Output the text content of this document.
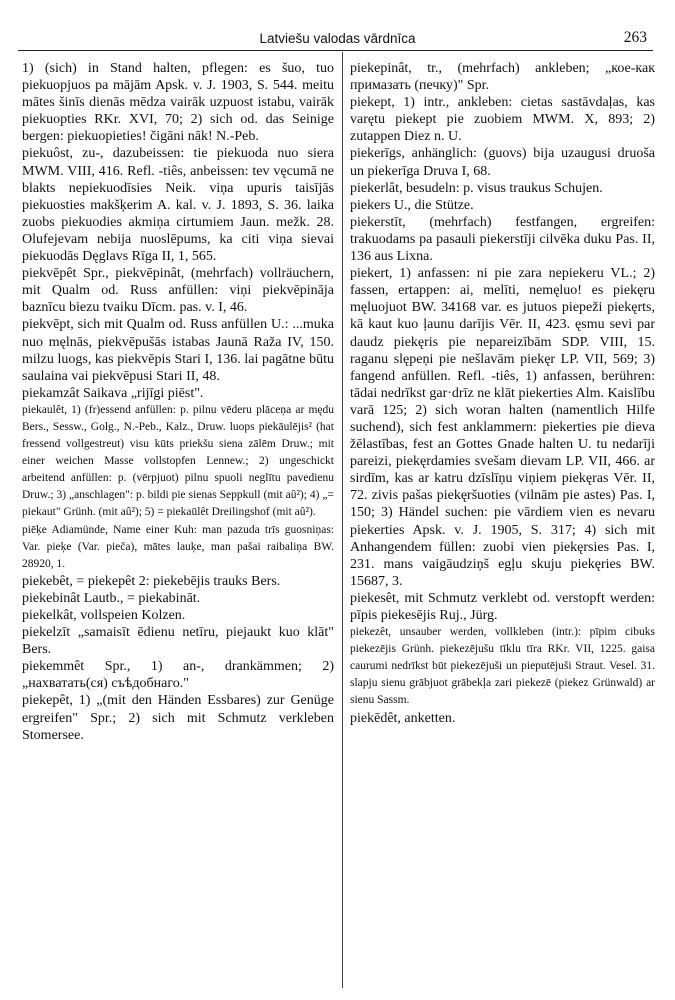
Latviešu valodas vārdnīca	263

1) (sich) in Stand halten, pflegen: es šuo, tuo piekuopjuos pa mājām Apsk. v. J. 1903, S. 544. meitu mātes šinīs dienās mēdza vairāk uzpuost istabu, vairāk piekuopties RKr. XVI, 70; 2) sich od. das Seinige bergen: piekuopieties! čigāni nāk! N.-Peb.

piekuôst, zu-, dazubeissen: tie piekuoda nuo siera MWM. VIII, 416. Refl. -tiês, anbeissen: tev vęcumā ne blakts nepiekuodīsies Neik. viņa upuris taisījās piekuosties makšķerim A. kal. v. J. 1893, S. 36. laika zuobs piekuodies akmiņa cirtumiem Jaun. mežk. 28. Olufejevam nebija nuoslēpums, ka citi viņa sievai piekuodās Dęglavs Rīga II, 1, 565.

piekvēpêt Spr., piekvēpinât, (mehrfach) vollräuchern, mit Qualm od. Russ anfüllen: viņi piekvēpināja baznīcu biezu tvaiku Dīcm. pas. v. I, 46.

piekvēpt, sich mit Qualm od. Russ anfüllen U.: ...muka nuo męlnās, piekvēpušās istabas Jaunā Raža IV, 150. milzu luogs, kas piekvēpis Stari I, 136. lai pagātne būtu saulaina vai piekvēpusi Stari II, 48.

piekamzât Saikava „rijīgi piēst".

piekaulêt, 1) (fr)essend anfüllen: p. pilnu vēderu plāceņa ar mędu Bers., Sessw., Golg., N.-Peb., Kalz., Druw. luops piekāulējis² (hat fressend vollgestreut) visu kūts priekšu siena zālēm Druw.; mit einer weichen Masse vollstopfen Lennew.; 2) ungeschickt arbeitend anfüllen: p. (vērpjuot) pilnu spuoli neglītu pavedienu Druw.; 3) „anschlagen": p. bildi pie sienas Seppkull (mit aû²); 4) „= piekaut" Grünh. (mit aû²); 5) = piekaūlêt Dreilingshof (mit aû²).

piēķe Adiamünde, Name einer Kuh: man pazuda trīs guosniņas: Var. pieķe (Var. pieča), mātes lauķe, man pašai raibaliņa BW. 28920, 1.

piekebêt, = piekepêt 2: piekebējis trauks Bers.

piekebinât Lautb., = piekabināt.

piekelkât, vollspeien Kolzen.

piekelzīt „samaisīt ēdienu netīru, piejaukt kuo klāt" Bers.

piekemmêt Spr., 1) an-, drankämmen; 2) „нахватать(ся) съѣдобнаго."

piekepêt, 1) „(mit den Händen Essbares) zur Genüge ergreifen" Spr.; 2) sich mit Schmutz verkleben Stomersee.

piekepinât, tr., (mehrfach) ankleben; „кое-как примазать (печку)" Spr.

piekept, 1) intr., ankleben: cietas sastāvdaļas, kas varętu piekept pie zuobiem MWM. X, 893; 2) zutappen Diez n. U.

piekerīgs, anhänglich: (guovs) bija uzaugusi druoša un piekerīga Druva I, 68.

piekerlât, besudeln: p. visus traukus Schujen.

piekers U., die Stütze.

piekerstīt, (mehrfach) festfangen, ergreifen: trakuodams pa pasauli piekerstīji cilvēka duku Pas. II, 136 aus Lixna.

piekert, 1) anfassen: ni pie zara nepiekeru VL.; 2) fassen, ertappen: ai, melīti, nemęluo! es piekęru męluojuot BW. 34168 var. es jutuos piepeži piekęrts, kā kaut kuo ļaunu darījis Vēr. II, 423. ęsmu sevi par daudz piekęris pie nepareizībām SDP. VIII, 15. raganu slępeņi pie nešlavām piekęr LP. VII, 569; 3) fangend anfüllen. Refl. -tiês, 1) anfassen, berühren: tādai nedrīkst gar·drīz ne klāt piekerties Alm. Kaislību varā 125; 2) sich woran halten (namentlich Hilfe suchend), sich fest anklammern: piekerties pie dieva žēlastības, fest an Gottes Gnade halten U. tu nedarīji pareizi, piekęrdamies svešam dievam LP. VII, 466. ar sirdīm, kas ar katru dzīslīņu viņiem piekęras Vēr. II, 72. zivis pašas piekęršuoties (vilnām pie astes) Pas. I, 150; 3) Händel suchen: pie vārdiem vien es nevaru piekerties Apsk. v. J. 1905, S. 317; 4) sich mit Anhangendem füllen: zuobi vien piekęrsies Pas. I, 231. mans vaigāudziņš egļu skuju piekęries BW. 15687, 3.

piekesêt, mit Schmutz verklebt od. verstopft werden: pīpis piekesējis Ruj., Jürg.

piekezêt, unsauber werden, vollkleben (intr.): pīpim cibuks piekezējis Grünh. piekezējušu tīklu tīra RKr. VII, 1225. gaisa caurumi nedrīkst būt piekezējuši un pieputējuši Straut. Vesel. 31. slapju sienu grābjuot grābekļa zari piekezē (piekez Grünwald) ar sienu Sassm.

piekēdêt, anketten.
